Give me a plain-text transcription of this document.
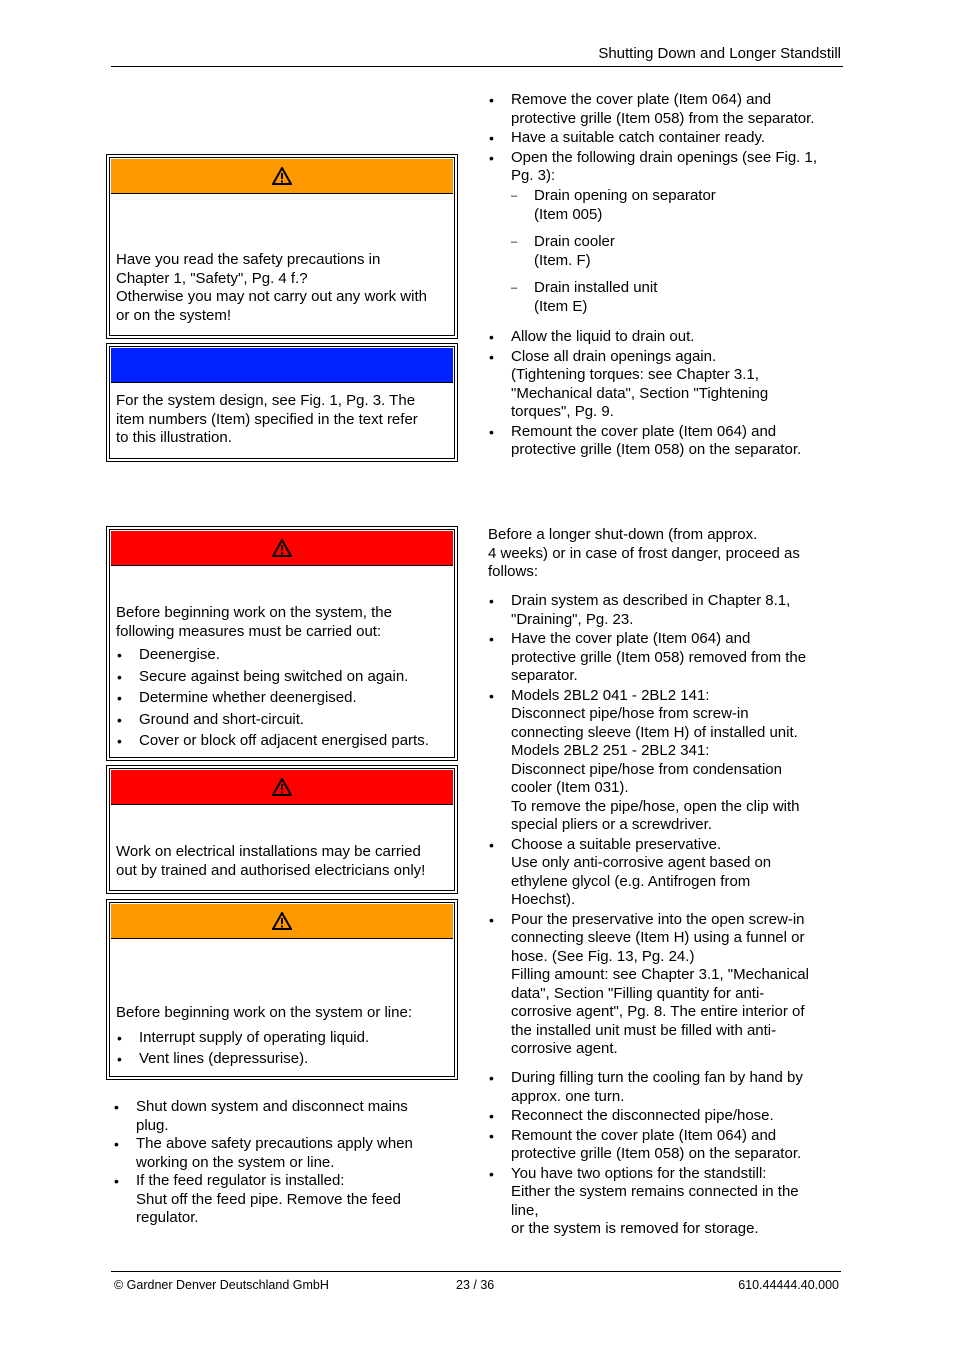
Shutting Down and Longer Standstill
Have you read the safety precautions in
Chapter 1, "Safety", Pg. 4 f.?
Otherwise you may not carry out any work with
or on the system!
For the system design, see Fig. 1, Pg. 3. The
item numbers (Item) specified in the text refer
to this illustration.
Before beginning work on the system, the
following measures must be carried out:
• Deenergise.
• Secure against being switched on again.
• Determine whether deenergised.
• Ground and short-circuit.
• Cover or block off adjacent energised parts.
Work on electrical installations may be carried
out by trained and authorised electricians only!
Before beginning work on the system or line:
• Interrupt supply of operating liquid.
• Vent lines (depressurise).
• Shut down system and disconnect mains
plug.
• The above safety precautions apply when
working on the system or line.
• If the feed regulator is installed:
Shut off the feed pipe. Remove the feed
regulator.
• Remove the cover plate (Item 064) and
protective grille (Item 058) from the separator.
• Have a suitable catch container ready.
• Open the following drain openings (see Fig. 1,
Pg. 3):
– Drain opening on separator
(Item 005)
– Drain cooler
(Item. F)
– Drain installed unit
(Item E)
• Allow the liquid to drain out.
• Close all drain openings again.
(Tightening torques: see Chapter 3.1,
"Mechanical data", Section "Tightening
torques", Pg. 9.
• Remount the cover plate (Item 064) and
protective grille (Item 058) on the separator.
Before a longer shut-down (from approx.
4 weeks) or in case of frost danger, proceed as
follows:
• Drain system as described in Chapter 8.1,
"Draining", Pg. 23.
• Have the cover plate (Item 064) and
protective grille (Item 058) removed from the
separator.
• Models 2BL2 041 - 2BL2 141:
Disconnect pipe/hose from screw-in
connecting sleeve (Item H) of installed unit.
Models 2BL2 251 - 2BL2 341:
Disconnect pipe/hose from condensation
cooler (Item 031).
To remove the pipe/hose, open the clip with
special pliers or a screwdriver.
• Choose a suitable preservative.
Use only anti-corrosive agent based on
ethylene glycol (e.g. Antifrogen from
Hoechst).
• Pour the preservative into the open screw-in
connecting sleeve (Item H) using a funnel or
hose. (See Fig. 13, Pg. 24.)
Filling amount: see Chapter 3.1, "Mechanical
data", Section "Filling quantity for anti-
corrosive agent", Pg. 8. The entire interior of
the installed unit must be filled with anti-
corrosive agent.
• During filling turn the cooling fan by hand by
approx. one turn.
• Reconnect the disconnected pipe/hose.
• Remount the cover plate (Item 064) and
protective grille (Item 058) on the separator.
• You have two options for the standstill:
Either the system remains connected in the
line,
or the system is removed for storage.
© Gardner Denver Deutschland GmbH	23 / 36	610.44444.40.000
